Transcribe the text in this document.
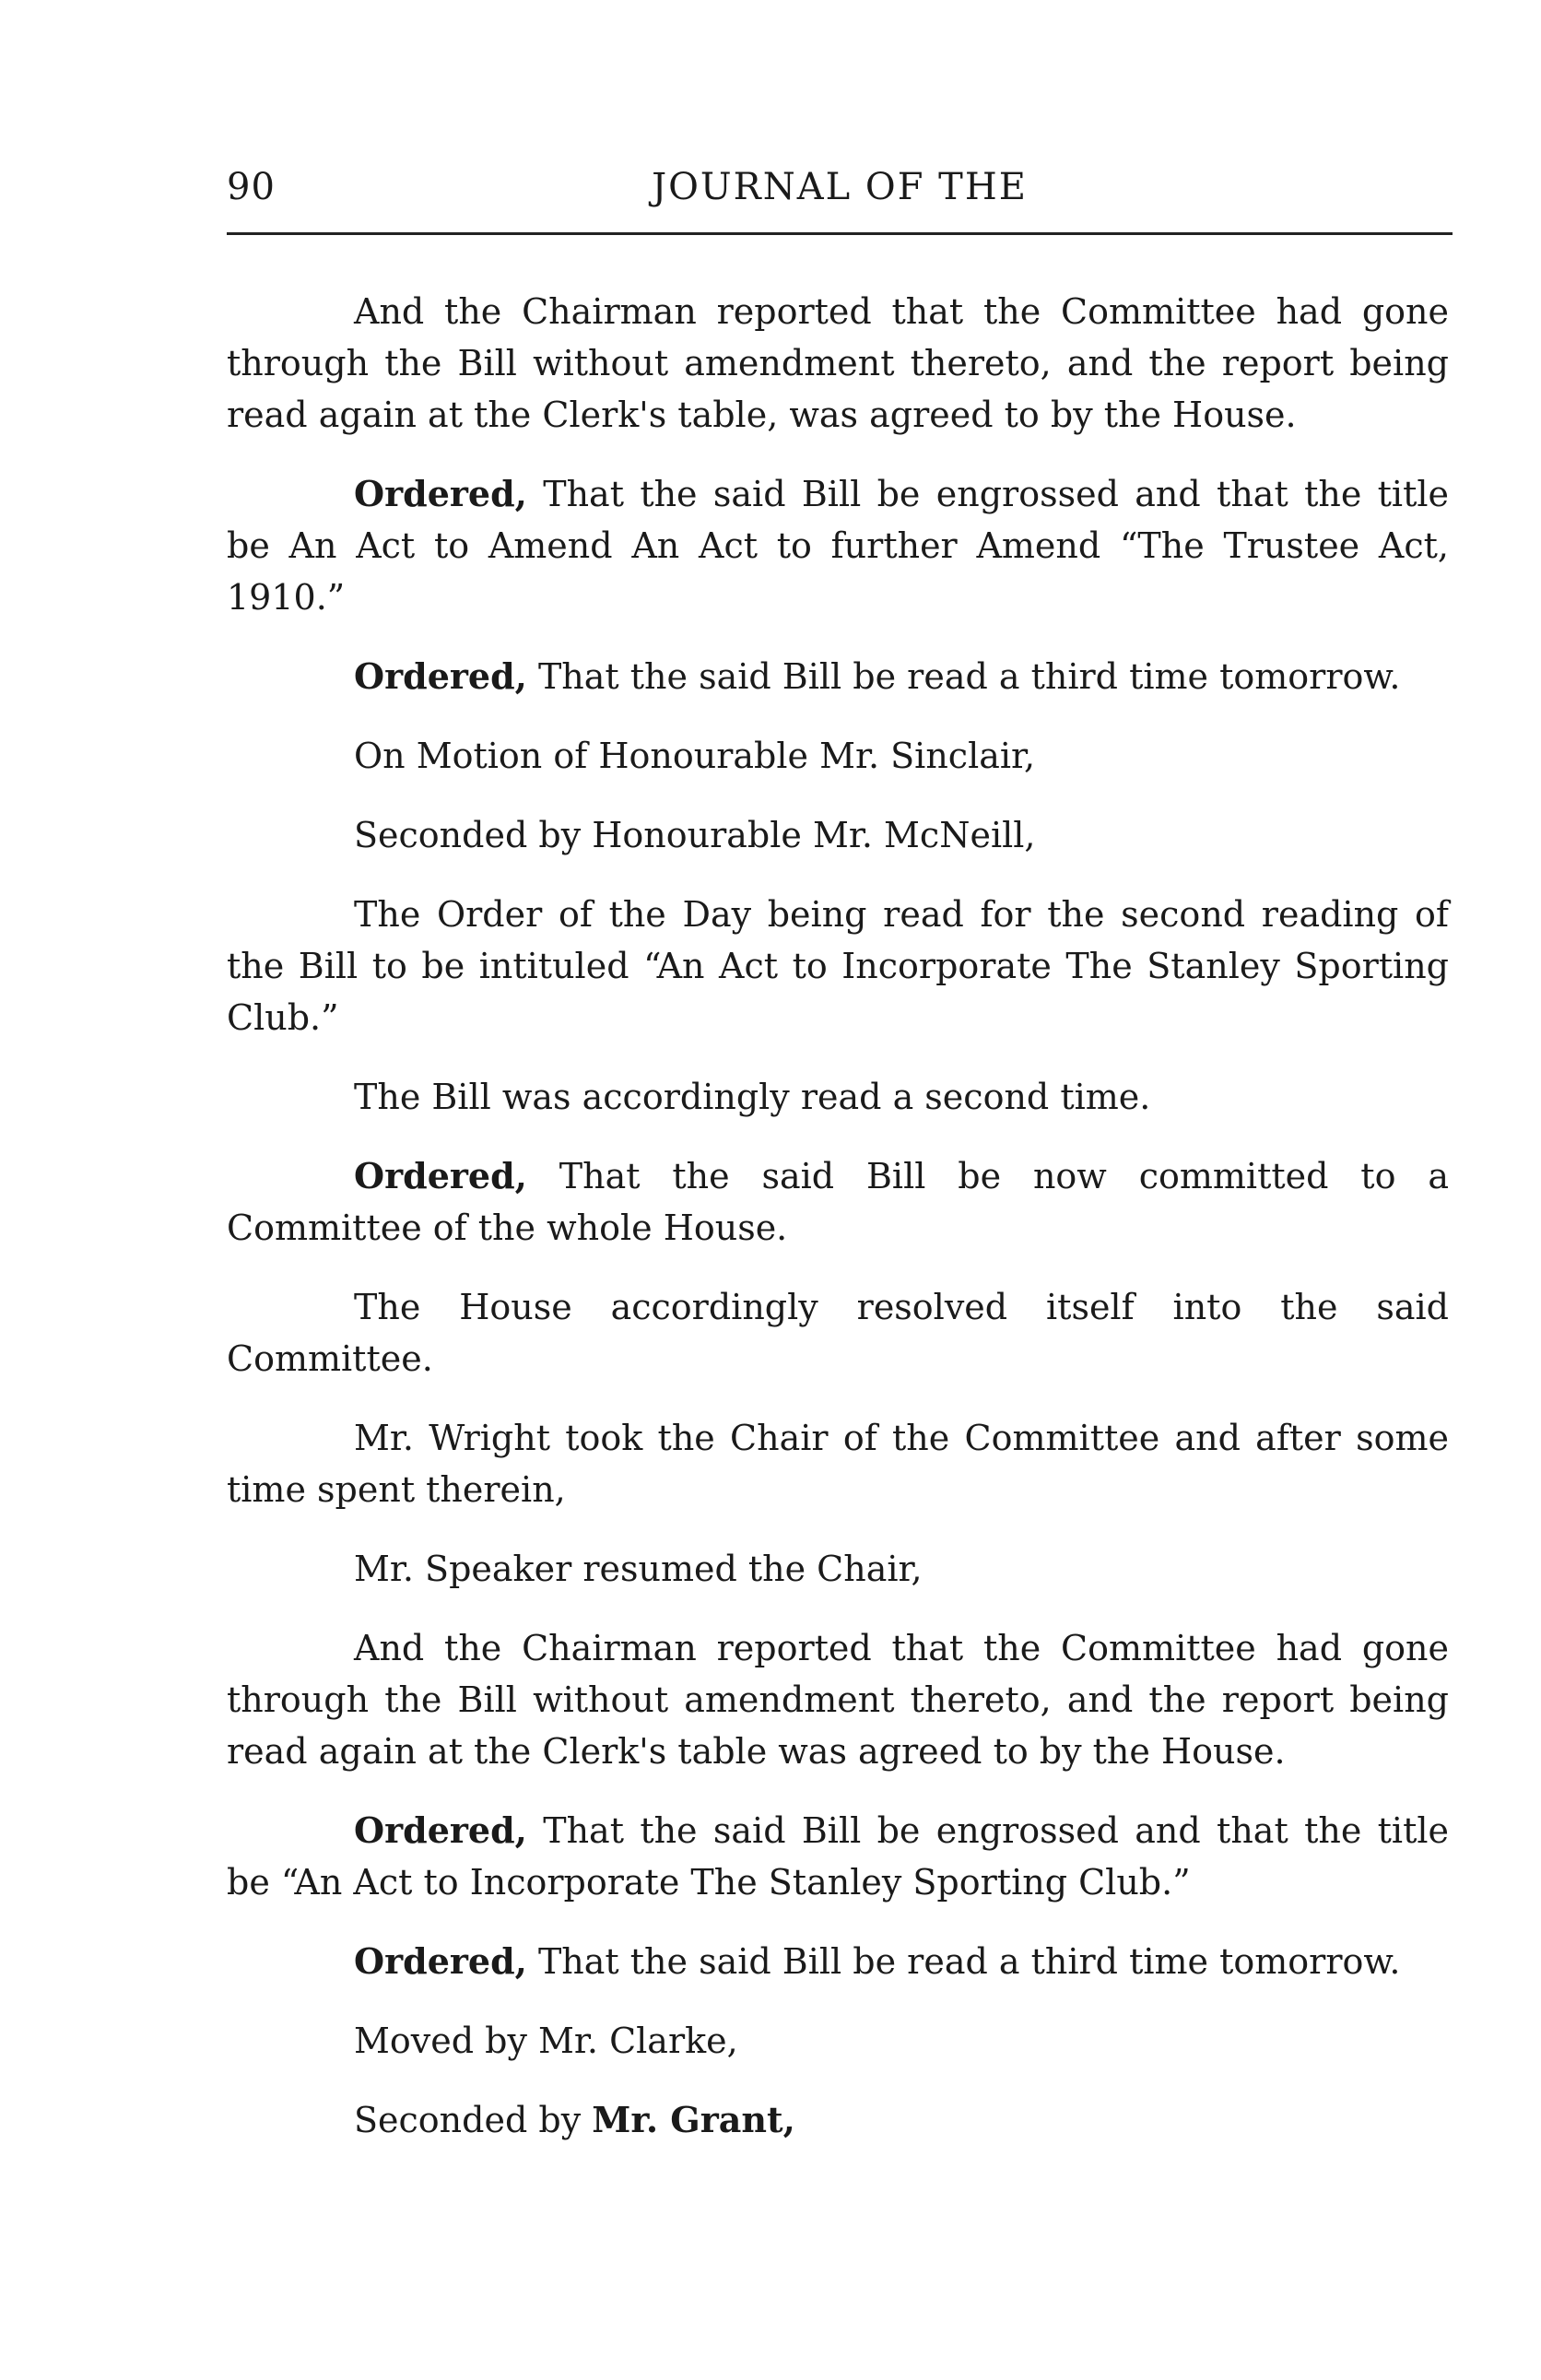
90	JOURNAL OF THE

And the Chairman reported that the Committee had gone through the Bill without amendment thereto, and the report being read again at the Clerk's table, was agreed to by the House.

Ordered, That the said Bill be engrossed and that the title be An Act to Amend An Act to further Amend “The Trustee Act, 1910.”

Ordered, That the said Bill be read a third time tomorrow.

On Motion of Honourable Mr. Sinclair,

Seconded by Honourable Mr. McNeill,

The Order of the Day being read for the second reading of the Bill to be intituled “An Act to Incorporate The Stanley Sporting Club.”

The Bill was accordingly read a second time.

Ordered, That the said Bill be now committed to a Committee of the whole House.

The House accordingly resolved itself into the said Committee.

Mr. Wright took the Chair of the Committee and after some time spent therein,

Mr. Speaker resumed the Chair,

And the Chairman reported that the Committee had gone through the Bill without amendment thereto, and the report being read again at the Clerk's table was agreed to by the House.

Ordered, That the said Bill be engrossed and that the title be “An Act to Incorporate The Stanley Sporting Club.”

Ordered, That the said Bill be read a third time tomorrow.

Moved by Mr. Clarke,

Seconded by Mr. Grant,
